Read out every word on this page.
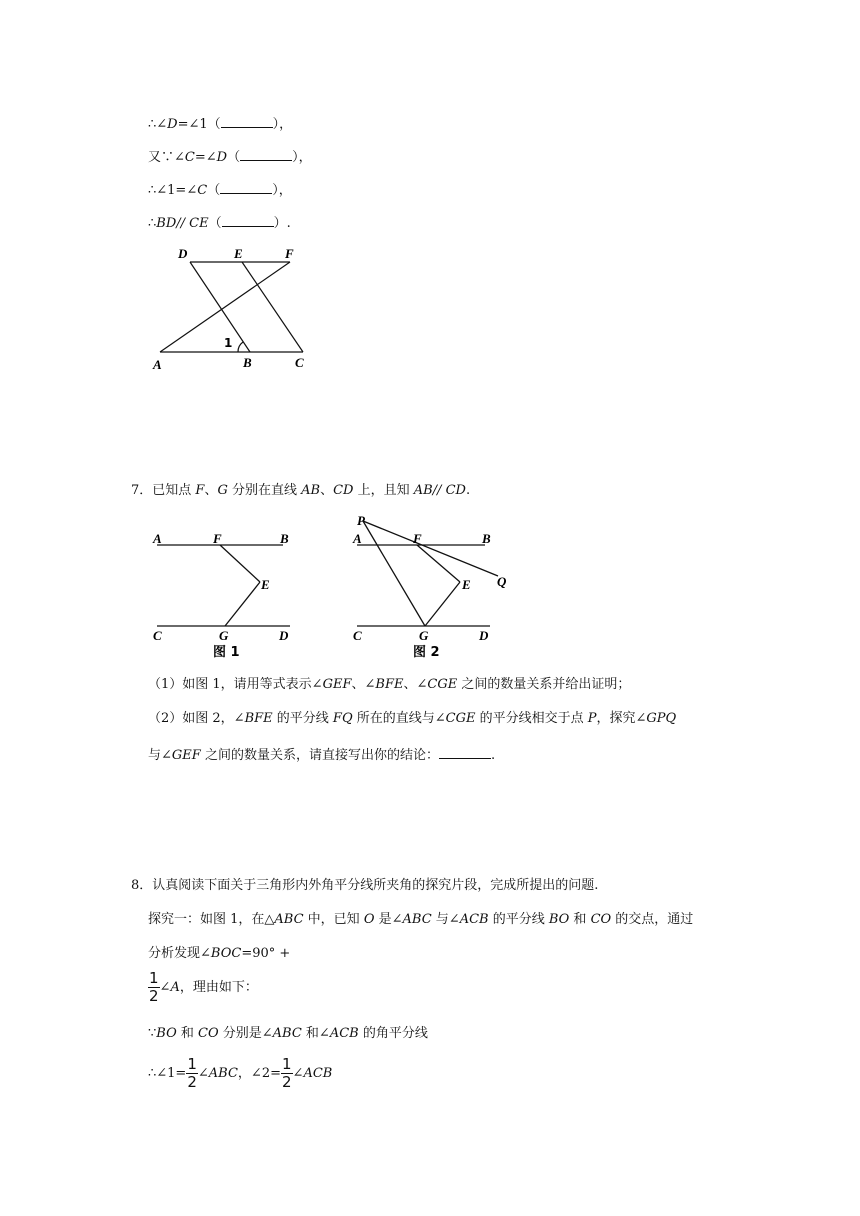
∴∠D=∠1（	），
又∵∠C=∠D（	），
∴∠1=∠C（	），
∴BD// CE（	）.
D	E	F
A	B	C
1
7．已知点 F、G 分别在直线 AB、CD 上，且知 AB// CD.
A	F	B
E
C	G	D
图 1
P
A	F	B
E Q
C	G	D
图 2
（1）如图 1，请用等式表示∠GEF、∠BFE、∠CGE 之间的数量关系并给出证明；
（2）如图 2，∠BFE 的平分线 FQ 所在的直线与∠CGE 的平分线相交于点 P，探究∠GPQ
与∠GEF 之间的数量关系，请直接写出你的结论：	.
8．认真阅读下面关于三角形内外角平分线所夹角的探究片段，完成所提出的问题.
探究一：如图 1，在△ABC 中，已知 O 是∠ABC 与∠ACB 的平分线 BO 和 CO 的交点，通过
分析发现∠BOC=90° +
$\frac{1}{2}$ ∠A，理由如下：
∵BO 和 CO 分别是∠ABC 和∠ACB 的角平分线
∴∠1= $\frac{1}{2}$ ∠ABC，∠2= $\frac{1}{2}$ ∠ACB
